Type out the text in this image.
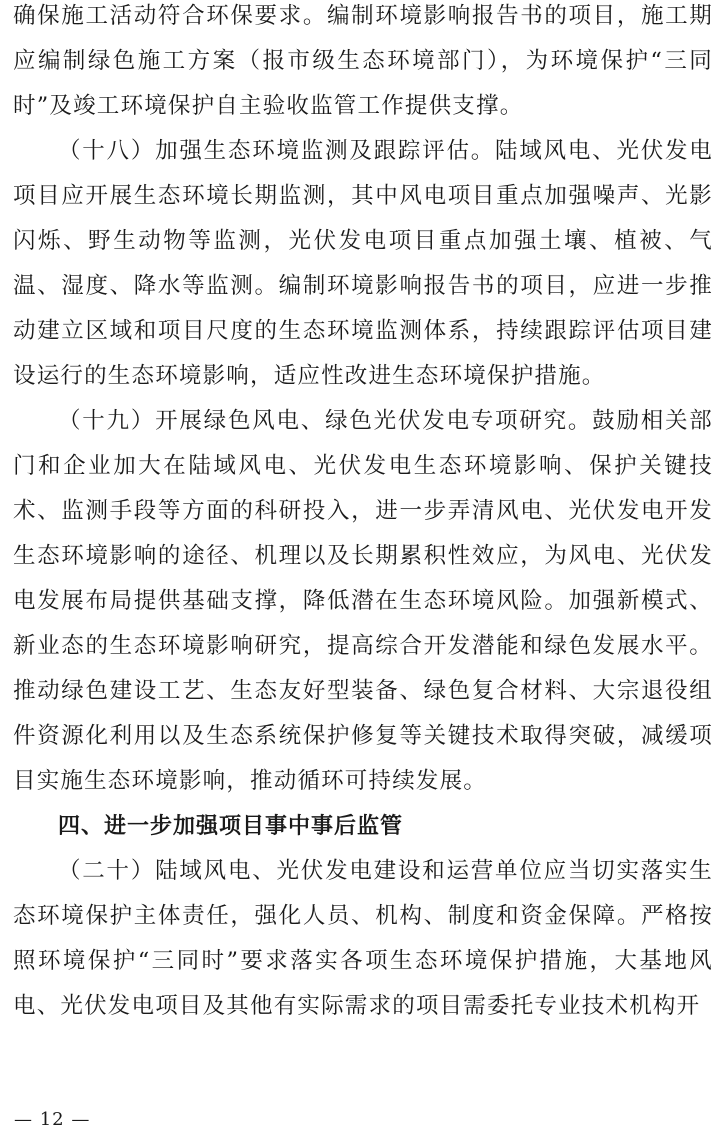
确保施工活动符合环保要求。编制环境影响报告书的项目，施工期应编制绿色施工方案（报市级生态环境部门），为环境保护“三同时”及竣工环境保护自主验收监管工作提供支撑。

（十八）加强生态环境监测及跟踪评估。陆域风电、光伏发电项目应开展生态环境长期监测，其中风电项目重点加强噪声、光影闪烁、野生动物等监测，光伏发电项目重点加强土壤、植被、气温、湿度、降水等监测。编制环境影响报告书的项目，应进一步推动建立区域和项目尺度的生态环境监测体系，持续跟踪评估项目建设运行的生态环境影响，适应性改进生态环境保护措施。

（十九）开展绿色风电、绿色光伏发电专项研究。鼓励相关部门和企业加大在陆域风电、光伏发电生态环境影响、保护关键技术、监测手段等方面的科研投入，进一步弄清风电、光伏发电开发生态环境影响的途径、机理以及长期累积性效应，为风电、光伏发电发展布局提供基础支撑，降低潜在生态环境风险。加强新模式、新业态的生态环境影响研究，提高综合开发潜能和绿色发展水平。推动绿色建设工艺、生态友好型装备、绿色复合材料、大宗退役组件资源化利用以及生态系统保护修复等关键技术取得突破，减缓项目实施生态环境影响，推动循环可持续发展。

四、进一步加强项目事中事后监管

（二十）陆域风电、光伏发电建设和运营单位应当切实落实生态环境保护主体责任，强化人员、机构、制度和资金保障。严格按照环境保护“三同时”要求落实各项生态环境保护措施，大基地风电、光伏发电项目及其他有实际需求的项目需委托专业技术机构开

— 12 —
